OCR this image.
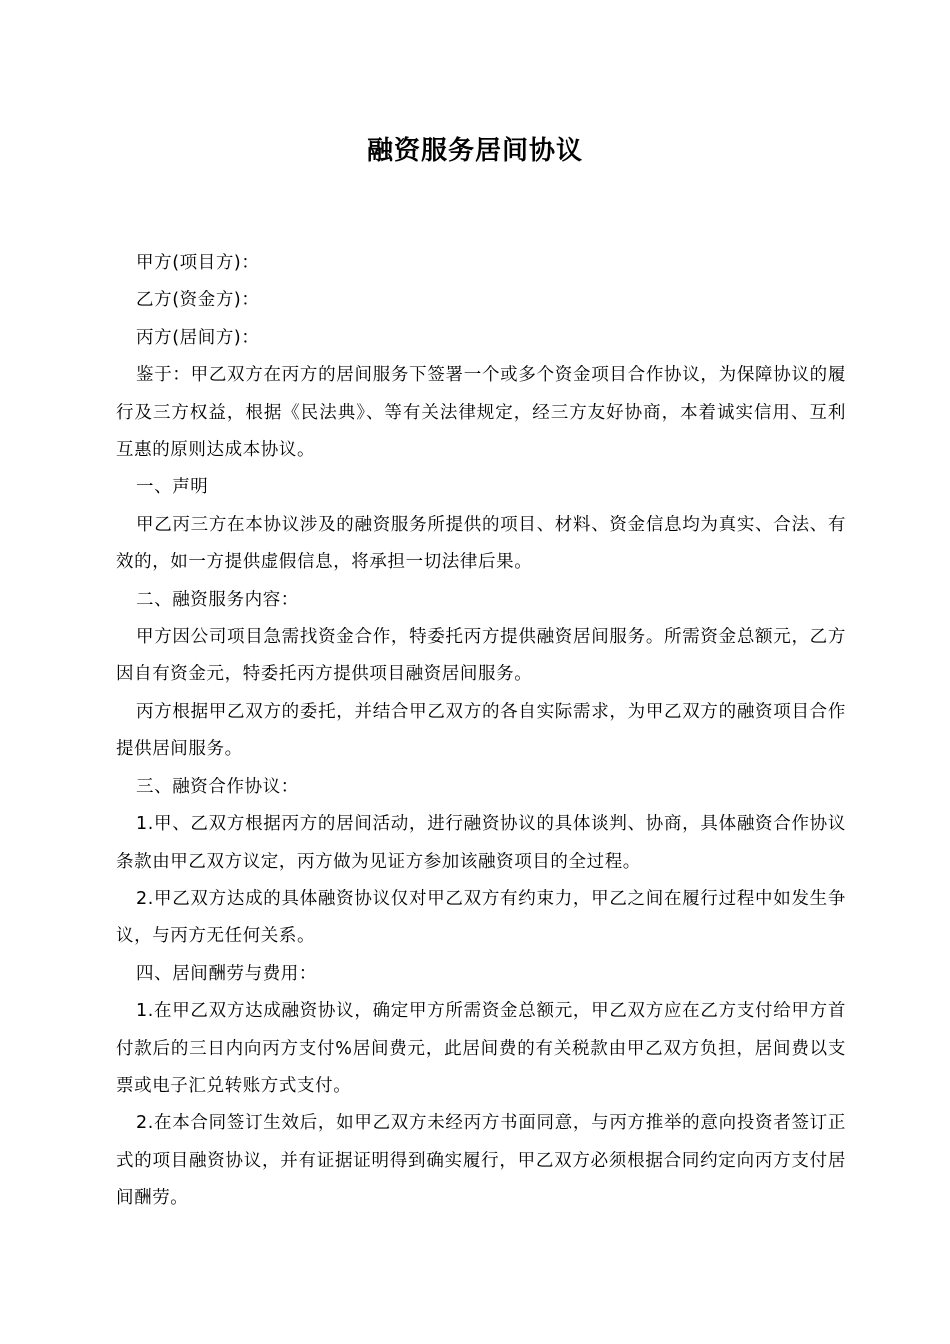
融资服务居间协议

甲方(项目方)：

乙方(资金方)：

丙方(居间方)：

鉴于：甲乙双方在丙方的居间服务下签署一个或多个资金项目合作协议，为保障协议的履行及三方权益，根据《民法典》、等有关法律规定，经三方友好协商，本着诚实信用、互利互惠的原则达成本协议。

一、声明

甲乙丙三方在本协议涉及的融资服务所提供的项目、材料、资金信息均为真实、合法、有效的，如一方提供虚假信息，将承担一切法律后果。

二、融资服务内容：

甲方因公司项目急需找资金合作，特委托丙方提供融资居间服务。所需资金总额元，乙方因自有资金元，特委托丙方提供项目融资居间服务。

丙方根据甲乙双方的委托，并结合甲乙双方的各自实际需求，为甲乙双方的融资项目合作提供居间服务。

三、融资合作协议：

1.甲、乙双方根据丙方的居间活动，进行融资协议的具体谈判、协商，具体融资合作协议条款由甲乙双方议定，丙方做为见证方参加该融资项目的全过程。

2.甲乙双方达成的具体融资协议仅对甲乙双方有约束力，甲乙之间在履行过程中如发生争议，与丙方无任何关系。

四、居间酬劳与费用：

1.在甲乙双方达成融资协议，确定甲方所需资金总额元，甲乙双方应在乙方支付给甲方首付款后的三日内向丙方支付%居间费元，此居间费的有关税款由甲乙双方负担，居间费以支票或电子汇兑转账方式支付。

2.在本合同签订生效后，如甲乙双方未经丙方书面同意，与丙方推举的意向投资者签订正式的项目融资协议，并有证据证明得到确实履行，甲乙双方必须根据合同约定向丙方支付居间酬劳。
